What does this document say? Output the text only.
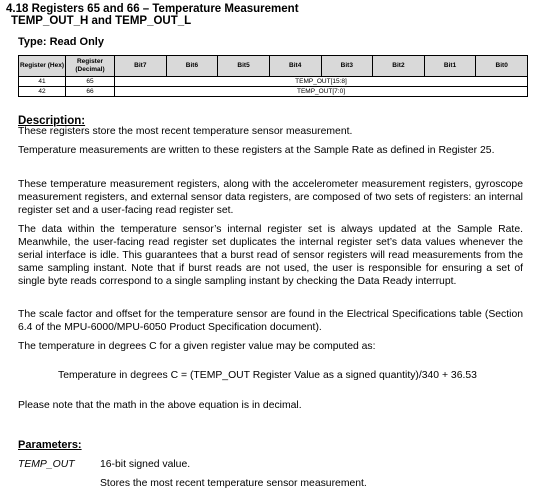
4.18 Registers 65 and 66 – Temperature Measurement
TEMP_OUT_H and TEMP_OUT_L
Type: Read Only
Register (Hex)	Register (Decimal)	Bit7	Bit6	Bit5	Bit4	Bit3	Bit2	Bit1	Bit0
41	65	TEMP_OUT[15:8]							
42	66	TEMP_OUT[7:0]							
Description:
These registers store the most recent temperature sensor measurement.
Temperature measurements are written to these registers at the Sample Rate as defined in Register 25.
These temperature measurement registers, along with the accelerometer measurement registers, gyroscope measurement registers, and external sensor data registers, are composed of two sets of registers: an internal register set and a user-facing read register set.
The data within the temperature sensor’s internal register set is always updated at the Sample Rate. Meanwhile, the user-facing read register set duplicates the internal register set’s data values whenever the serial interface is idle. This guarantees that a burst read of sensor registers will read measurements from the same sampling instant. Note that if burst reads are not used, the user is responsible for ensuring a set of single byte reads correspond to a single sampling instant by checking the Data Ready interrupt.
The scale factor and offset for the temperature sensor are found in the Electrical Specifications table (Section 6.4 of the MPU-6000/MPU-6050 Product Specification document).
The temperature in degrees C for a given register value may be computed as:
Temperature in degrees C = (TEMP_OUT Register Value as a signed quantity)/340 + 36.53
Please note that the math in the above equation is in decimal.
Parameters:
TEMP_OUT 16-bit signed value.
Stores the most recent temperature sensor measurement.
